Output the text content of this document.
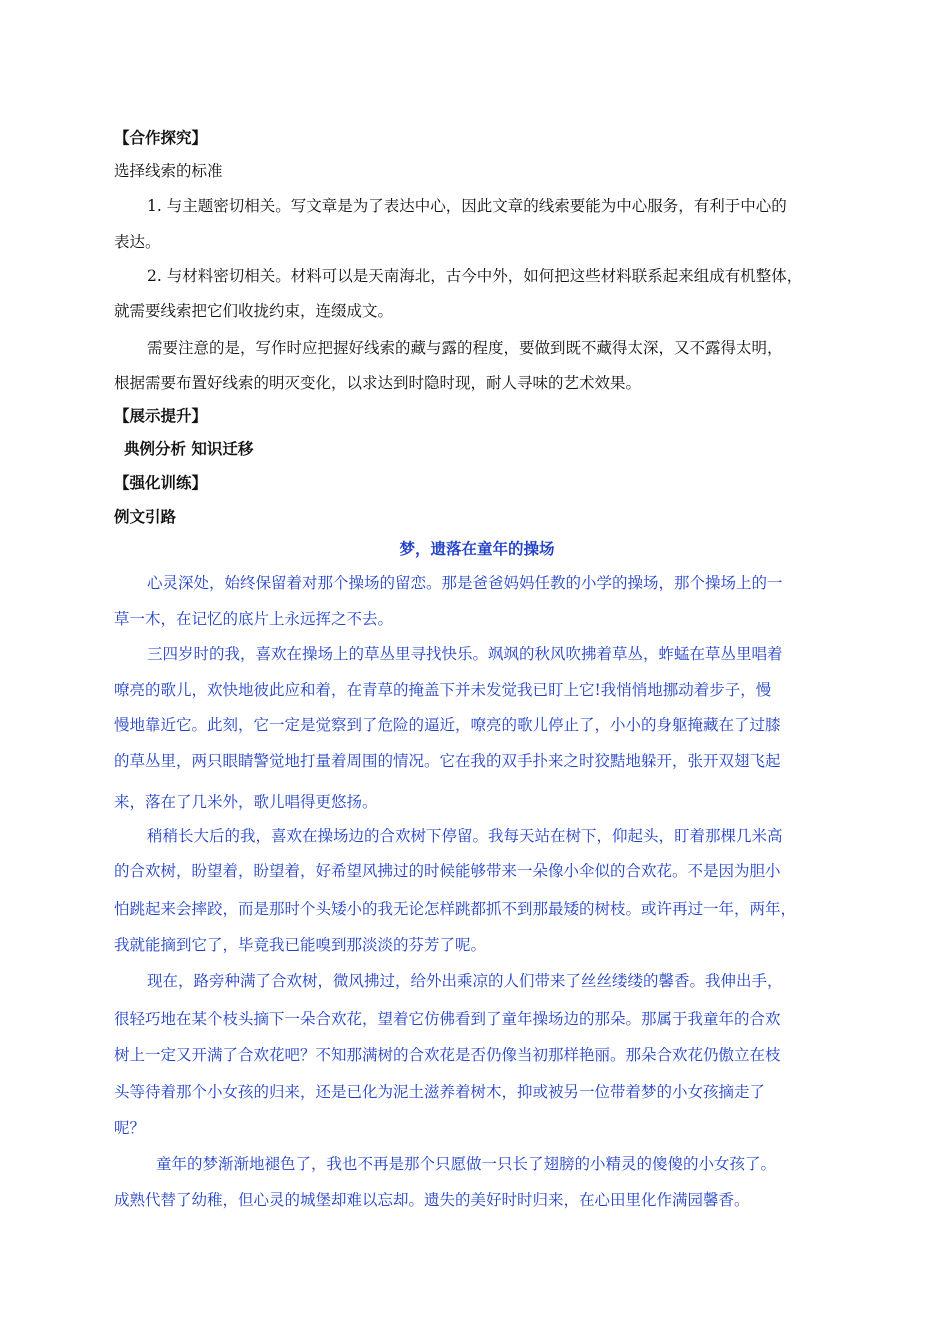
【合作探究】
选择线索的标准
1. 与主题密切相关。写文章是为了表达中心，因此文章的线索要能为中心服务，有利于中心的
表达。
2. 与材料密切相关。材料可以是天南海北，古今中外，如何把这些材料联系起来组成有机整体，
就需要线索把它们收拢约束，连缀成文。
需要注意的是，写作时应把握好线索的藏与露的程度，要做到既不藏得太深，又不露得太明，
根据需要布置好线索的明灭变化，以求达到时隐时现，耐人寻味的艺术效果。
【展示提升】
典例分析 知识迁移
【强化训练】
例文引路
梦，遗落在童年的操场
心灵深处，始终保留着对那个操场的留恋。那是爸爸妈妈任教的小学的操场，那个操场上的一
草一木，在记忆的底片上永远挥之不去。
三四岁时的我，喜欢在操场上的草丛里寻找快乐。飒飒的秋风吹拂着草丛，蚱蜢在草丛里唱着
嘹亮的歌儿，欢快地彼此应和着，在青草的掩盖下并未发觉我已盯上它!我悄悄地挪动着步子，慢
慢地靠近它。此刻，它一定是觉察到了危险的逼近，嘹亮的歌儿停止了，小小的身躯掩藏在了过膝
的草丛里，两只眼睛警觉地打量着周围的情况。它在我的双手扑来之时狡黠地躲开，张开双翅飞起
来，落在了几米外，歌儿唱得更悠扬。
稍稍长大后的我，喜欢在操场边的合欢树下停留。我每天站在树下，仰起头，盯着那棵几米高
的合欢树，盼望着，盼望着，好希望风拂过的时候能够带来一朵像小伞似的合欢花。不是因为胆小
怕跳起来会摔跤，而是那时个头矮小的我无论怎样跳都抓不到那最矮的树枝。或许再过一年，两年，
我就能摘到它了，毕竟我已能嗅到那淡淡的芬芳了呢。
现在，路旁种满了合欢树，微风拂过，给外出乘凉的人们带来了丝丝缕缕的馨香。我伸出手，
很轻巧地在某个枝头摘下一朵合欢花，望着它仿佛看到了童年操场边的那朵。那属于我童年的合欢
树上一定又开满了合欢花吧？不知那满树的合欢花是否仍像当初那样艳丽。那朵合欢花仍傲立在枝
头等待着那个小女孩的归来，还是已化为泥土滋养着树木，抑或被另一位带着梦的小女孩摘走了
呢？
童年的梦渐渐地褪色了，我也不再是那个只愿做一只长了翅膀的小精灵的傻傻的小女孩了。
成熟代替了幼稚，但心灵的城堡却难以忘却。遗失的美好时时归来，在心田里化作满园馨香。
